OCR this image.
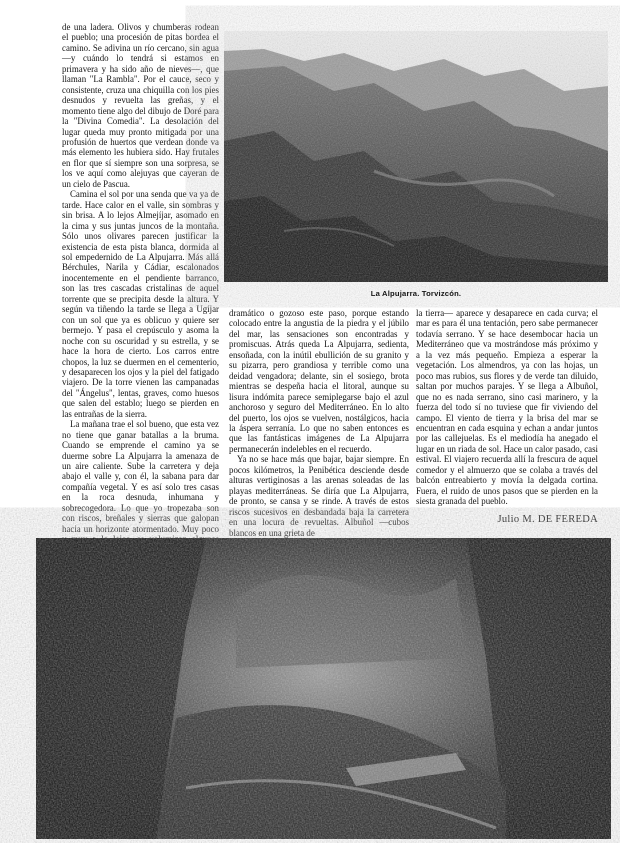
de una ladera. Olivos y chumberas rodean el pueblo; una procesión de pitas bordea el camino. Se adivina un río cercano, sin agua —y cuándo lo tendrá si estamos en primavera y ha sido año de nieves—, que llaman "La Rambla". Por el cauce, seco y consistente, cruza una chiquilla con los pies desnudos y revuelta las greñas, y el momento tiene algo del dibujo de Doré para la "Divina Comedia". La desolación del lugar queda muy pronto mitigada por una profusión de huertos que verdean donde va más elemento les hubiera sido. Hay frutales en flor que sí siempre son una sorpresa, se los ve aquí como alejuyas que cayeran de un cielo de Pascua.

Camina el sol por una senda que va ya de tarde. Hace calor en el valle, sin sombras y sin brisa. A lo lejos Almejíjar, asomado en la cima y sus juntas juncos de la montaña. Sólo unos olivares parecen justificar la existencia de esta pista blanca, dormida al sol empedernido de La Alpujarra. Más allá Bérchules, Narila y Cádiar, escalonados inocentemente en el pendiente barranco, son las tres cascadas cristalinas de aquel torrente que se precipita desde la altura. Y según va tiñendo la tarde se llega a Ugíjar con un sol que ya es oblicuo y quiere ser bermejo. Y pasa el crepúsculo y asoma la noche con su oscuridad y su estrella, y se hace la hora de cierto. Los carros entre chopos, la luz se duermen en el cementerio, y desaparecen los ojos y la piel del fatigado viajero. De la torre vienen las campanadas del "Ángelus", lentas, graves, como huesos que salen del establo; luego se pierden en las entrañas de la sierra.

La mañana trae el sol bueno, que esta vez no tiene que ganar batallas a la bruma. Cuando se emprende el camino ya se duerme sobre La Alpujarra la amenaza de un aire caliente. Sube la carretera y deja abajo el valle y, con él, la sabana para dar compañía vegetal. Y es así solo tres casas en la roca desnuda, inhumana y sobrecogedora. Lo que yo tropezaba son con riscos, breñales y sierras que galopan hacia un horizonte atormentado. Muy poco

La Alpujarra. Torvizcón.

dramático o gozoso este paso, porque estando colocado entre la angustia de la piedra y el júbilo del mar, las sensaciones son encontradas y promiscuas. Atrás queda La Alpujarra, sedienta, ensoñada, con la inútil ebullición de su granito y su pizarra, pero grandiosa y terrible como una deidad vengadora; delante, sin el sosiego, brota mientras se despeña hacia el litoral, aunque su lisura indómita parece semiplegarse bajo el azul anchoroso y seguro del Mediterráneo. En lo alto del puerto, los ojos se vuelven, nostálgicos, hacia la áspera serranía. Lo que no saben entonces es que las fantásticas imágenes de La Alpujarra permanecerán indelebles en el recuerdo.

Ya no se hace más que bajar, bajar siempre. En pocos kilómetros, la Penibética desciende desde alturas vertiginosas a las arenas soleadas de las playas mediterráneas. Se diría que La Alpujarra, de pronto, se cansa y se rinde. A través de estos riscos sucesivos en desbandada baja la carretera en una locura de revueltas. Albuñol —cubos blancos en una grieta de

la tierra— aparece y desaparece en cada curva; el mar es para él una tentación, pero sabe permanecer todavía serrano. Y se hace desembocar hacia un Mediterráneo que va mostrándose más próximo y a la vez más pequeño. Empieza a esperar la vegetación. Los almendros, ya con las hojas, un poco mas rubios, sus flores y de verde tan diluido, saltan por muchos parajes. Y se llega a Albuñol, que no es nada serrano, sino casi marinero, y la fuerza del todo sí no tuviese que fir viviendo del campo. El viento de tierra y la brisa del mar se encuentran en cada esquina y echan a andar juntos por las callejuelas. Es el mediodía ha anegado el lugar en un riada de sol. Hace un calor pasado, casi estival. El viajero recuerda allí la frescura de aquel comedor y el almuerzo que se colaba a través del balcón entreabierto y movía la delgada cortina. Fuera, el ruido de unos pasos que se pierden en la siesta granada del pueblo.

Julio M. DE FEREDA
